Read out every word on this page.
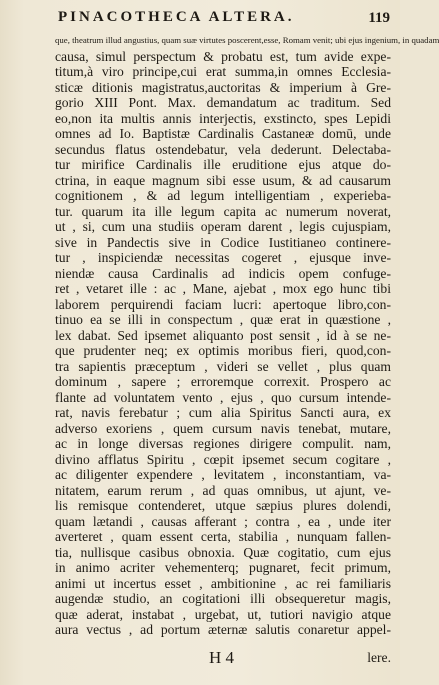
PINACOTHECA ALTERA.	119
que, theatrum illud angustius, quam suæ virtutes poscerent,esse, Romam venit; ubi ejus ingenium, in quadam
causa, simul perspectum & probatu est, tum avide expe-
titum,à viro principe,cui erat summa,in omnes Ecclesia-
sticæ ditionis magistratus,auctoritas & imperium à Gre-
gorio XIII Pont. Max. demandatum ac traditum. Sed
eo,non ita multis annis interjectis, exstincto, spes Lepidi
omnes ad Io. Baptistæ Cardinalis Castaneæ domū, unde
secundus flatus ostendebatur, vela dederunt. Delectaba-
tur mirifice Cardinalis ille eruditione ejus atque do-
ctrina, in eaque magnum sibi esse usum, & ad causarum
cognitionem , & ad legum intelligentiam , experieba-
tur. quarum ita ille legum capita ac numerum noverat,
ut , si, cum una studiis operam darent , legis cujuspiam,
sive in Pandectis sive in Codice Iustitianeo continere-
tur , inspiciendæ necessitas cogeret , ejusque inve-
niendæ causa Cardinalis ad indicis opem confuge-
ret , vetaret ille : ac , Mane, ajebat , mox ego hunc tibi
laborem perquirendi faciam lucri: apertoque libro,con-
tinuo ea se illi in conspectum , quæ erat in quæstione ,
lex dabat. Sed ipsemet aliquanto post sensit , id à se ne-
que prudenter neq; ex optimis moribus fieri, quod,con-
tra sapientis præceptum , videri se vellet , plus quam
dominum , sapere ; erroremque correxit. Prospero ac
flante ad voluntatem vento , ejus , quo cursum intende-
rat, navis ferebatur ; cum alia Spiritus Sancti aura, ex
adverso exoriens , quem cursum navis tenebat, mutare,
ac in longe diversas regiones dirigere compulit. nam,
divino afflatus Spiritu , cœpit ipsemet secum cogitare ,
ac diligenter expendere , levitatem , inconstantiam, va-
nitatem, earum rerum , ad quas omnibus, ut ajunt, ve-
lis remisque contenderet, utque sæpius plures dolendi,
quam lætandi , causas afferant ; contra , ea , unde iter
averteret , quam essent certa, stabilia , nunquam fallen-
tia, nullisque casibus obnoxia. Quæ cogitatio, cum ejus
in animo acriter vehementerq; pugnaret, fecit primum,
animi ut incertus esset , ambitionine , ac rei familiaris
augendæ studio, an cogitationi illi obsequeretur magis,
quæ aderat, instabat , urgebat, ut, tutiori navigio atque
aura vectus , ad portum æternæ salutis conaretur appel-
H 4	lere.
